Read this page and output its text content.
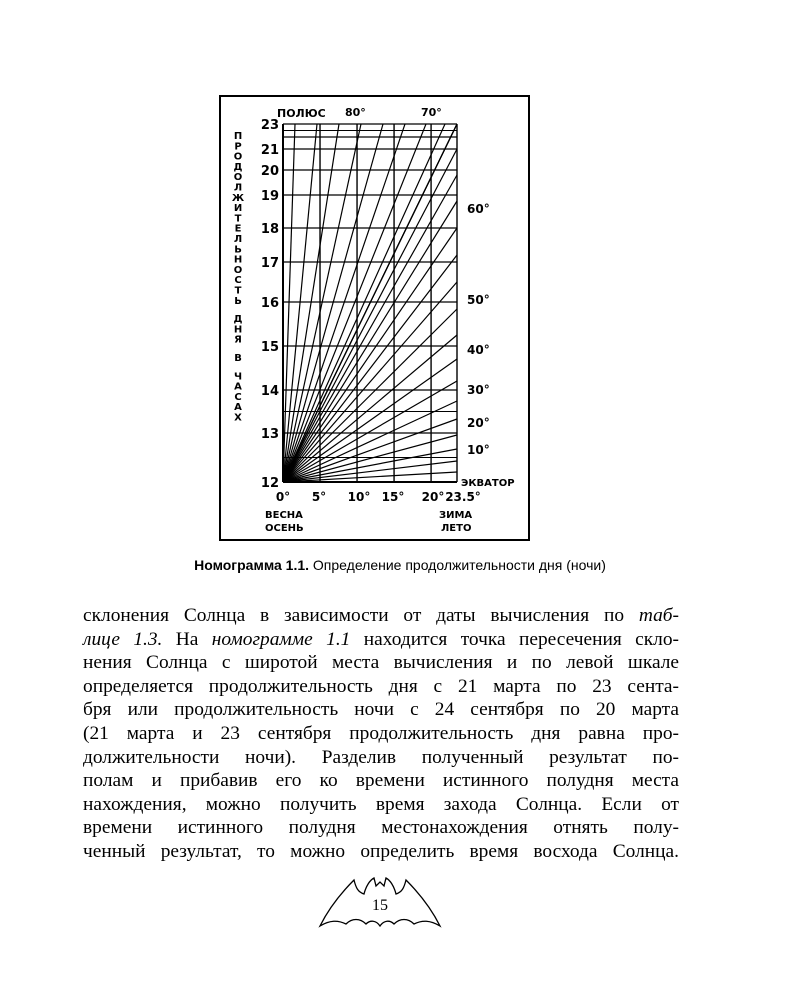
ПОЛЮС 80°	70°
60°
50°
40°
30°
20°
10°
ЭКВАТОР
12
13
14
15
16
17
18
19
20
21
23
П
Р
О
Д
О
Л
Ж
И
Т
Е
Л
Ь
Н
О
С
Т
Ь
Д
Н
Я
В
Ч
А
С
А
Х
0° 5° 10° 15° 20° 23.5°
ВЕСНА
ОСЕНЬ
ЗИМА
ЛЕТО
Номограмма 1.1. Определение продолжительности дня (ночи)
склонения Солнца в зависимости от даты вычисления по таб-
лице 1.3. На номограмме 1.1 находится точка пересечения скло-
нения Солнца с широтой места вычисления и по левой шкале
определяется продолжительность дня с 21 марта по 23 сента-
бря или продолжительность ночи с 24 сентября по 20 марта
(21 марта и 23 сентября продолжительность дня равна про-
должительности ночи). Разделив полученный результат по-
полам и прибавив его ко времени истинного полудня места
нахождения, можно получить время захода Солнца. Если от
времени истинного полудня местонахождения отнять полу-
ченный результат, то можно определить время восхода Солнца.
15
